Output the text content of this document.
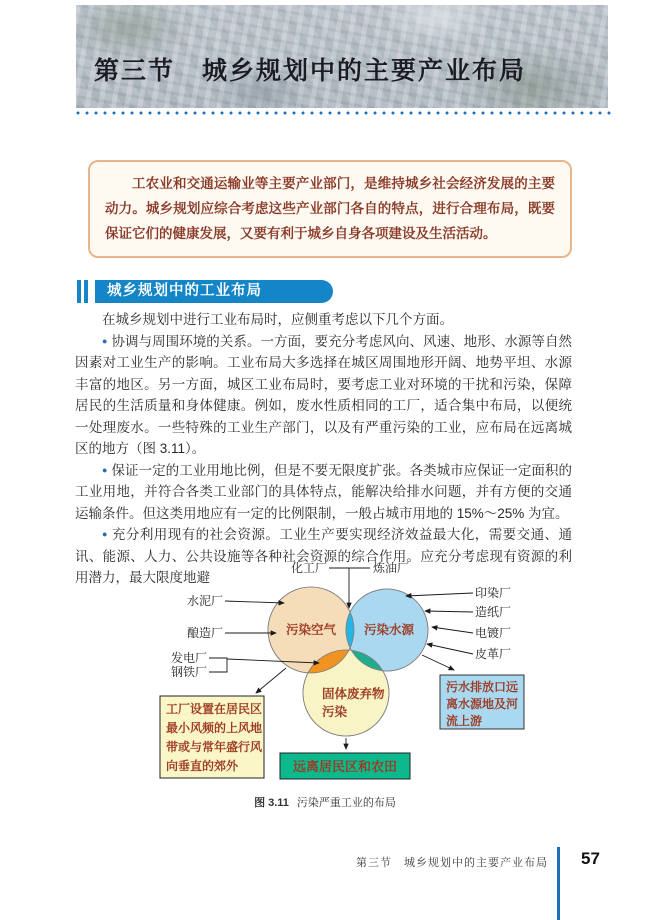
第三节　城乡规划中的主要产业布局

工农业和交通运输业等主要产业部门，是维持城乡社会经济发展的主要动力。城乡规划应综合考虑这些产业部门各自的特点，进行合理布局，既要保证它们的健康发展，又要有利于城乡自身各项建设及生活活动。

城乡规划中的工业布局

在城乡规划中进行工业布局时，应侧重考虑以下几个方面。

● 协调与周围环境的关系。一方面，要充分考虑风向、风速、地形、水源等自然因素对工业生产的影响。工业布局大多选择在城区周围地形开阔、地势平坦、水源丰富的地区。另一方面，城区工业布局时，要考虑工业对环境的干扰和污染，保障居民的生活质量和身体健康。例如，废水性质相同的工厂，适合集中布局，以便统一处理废水。一些特殊的工业生产部门，以及有严重污染的工业，应布局在远离城区的地方（图 3.11）。

● 保证一定的工业用地比例，但是不要无限度扩张。各类城市应保证一定面积的工业用地，并符合各类工业部门的具体特点，能解决给排水问题，并有方便的交通运输条件。但这类用地应有一定的比例限制，一般占城市用地的 15%～25% 为宜。

● 充分利用现有的社会资源。工业生产要实现经济效益最大化，需要交通、通讯、能源、人力、公共设施等各种社会资源的综合作用。应充分考虑现有资源的利用潜力，最大限度地避

化工厂	炼油厂
水泥厂
酿造厂
发电厂
钢铁厂
印染厂
造纸厂
电镀厂
皮革厂
污染空气 污染水源
固体废弃物
污染
工厂设置在居民区
最小风频的上风地
带或与常年盛行风
向垂直的郊外
污水排放口远
离水源地及河
流上游
远离居民区和农田
图 3.11 污染严重工业的布局
第三节　城乡规划中的主要产业布局 57
